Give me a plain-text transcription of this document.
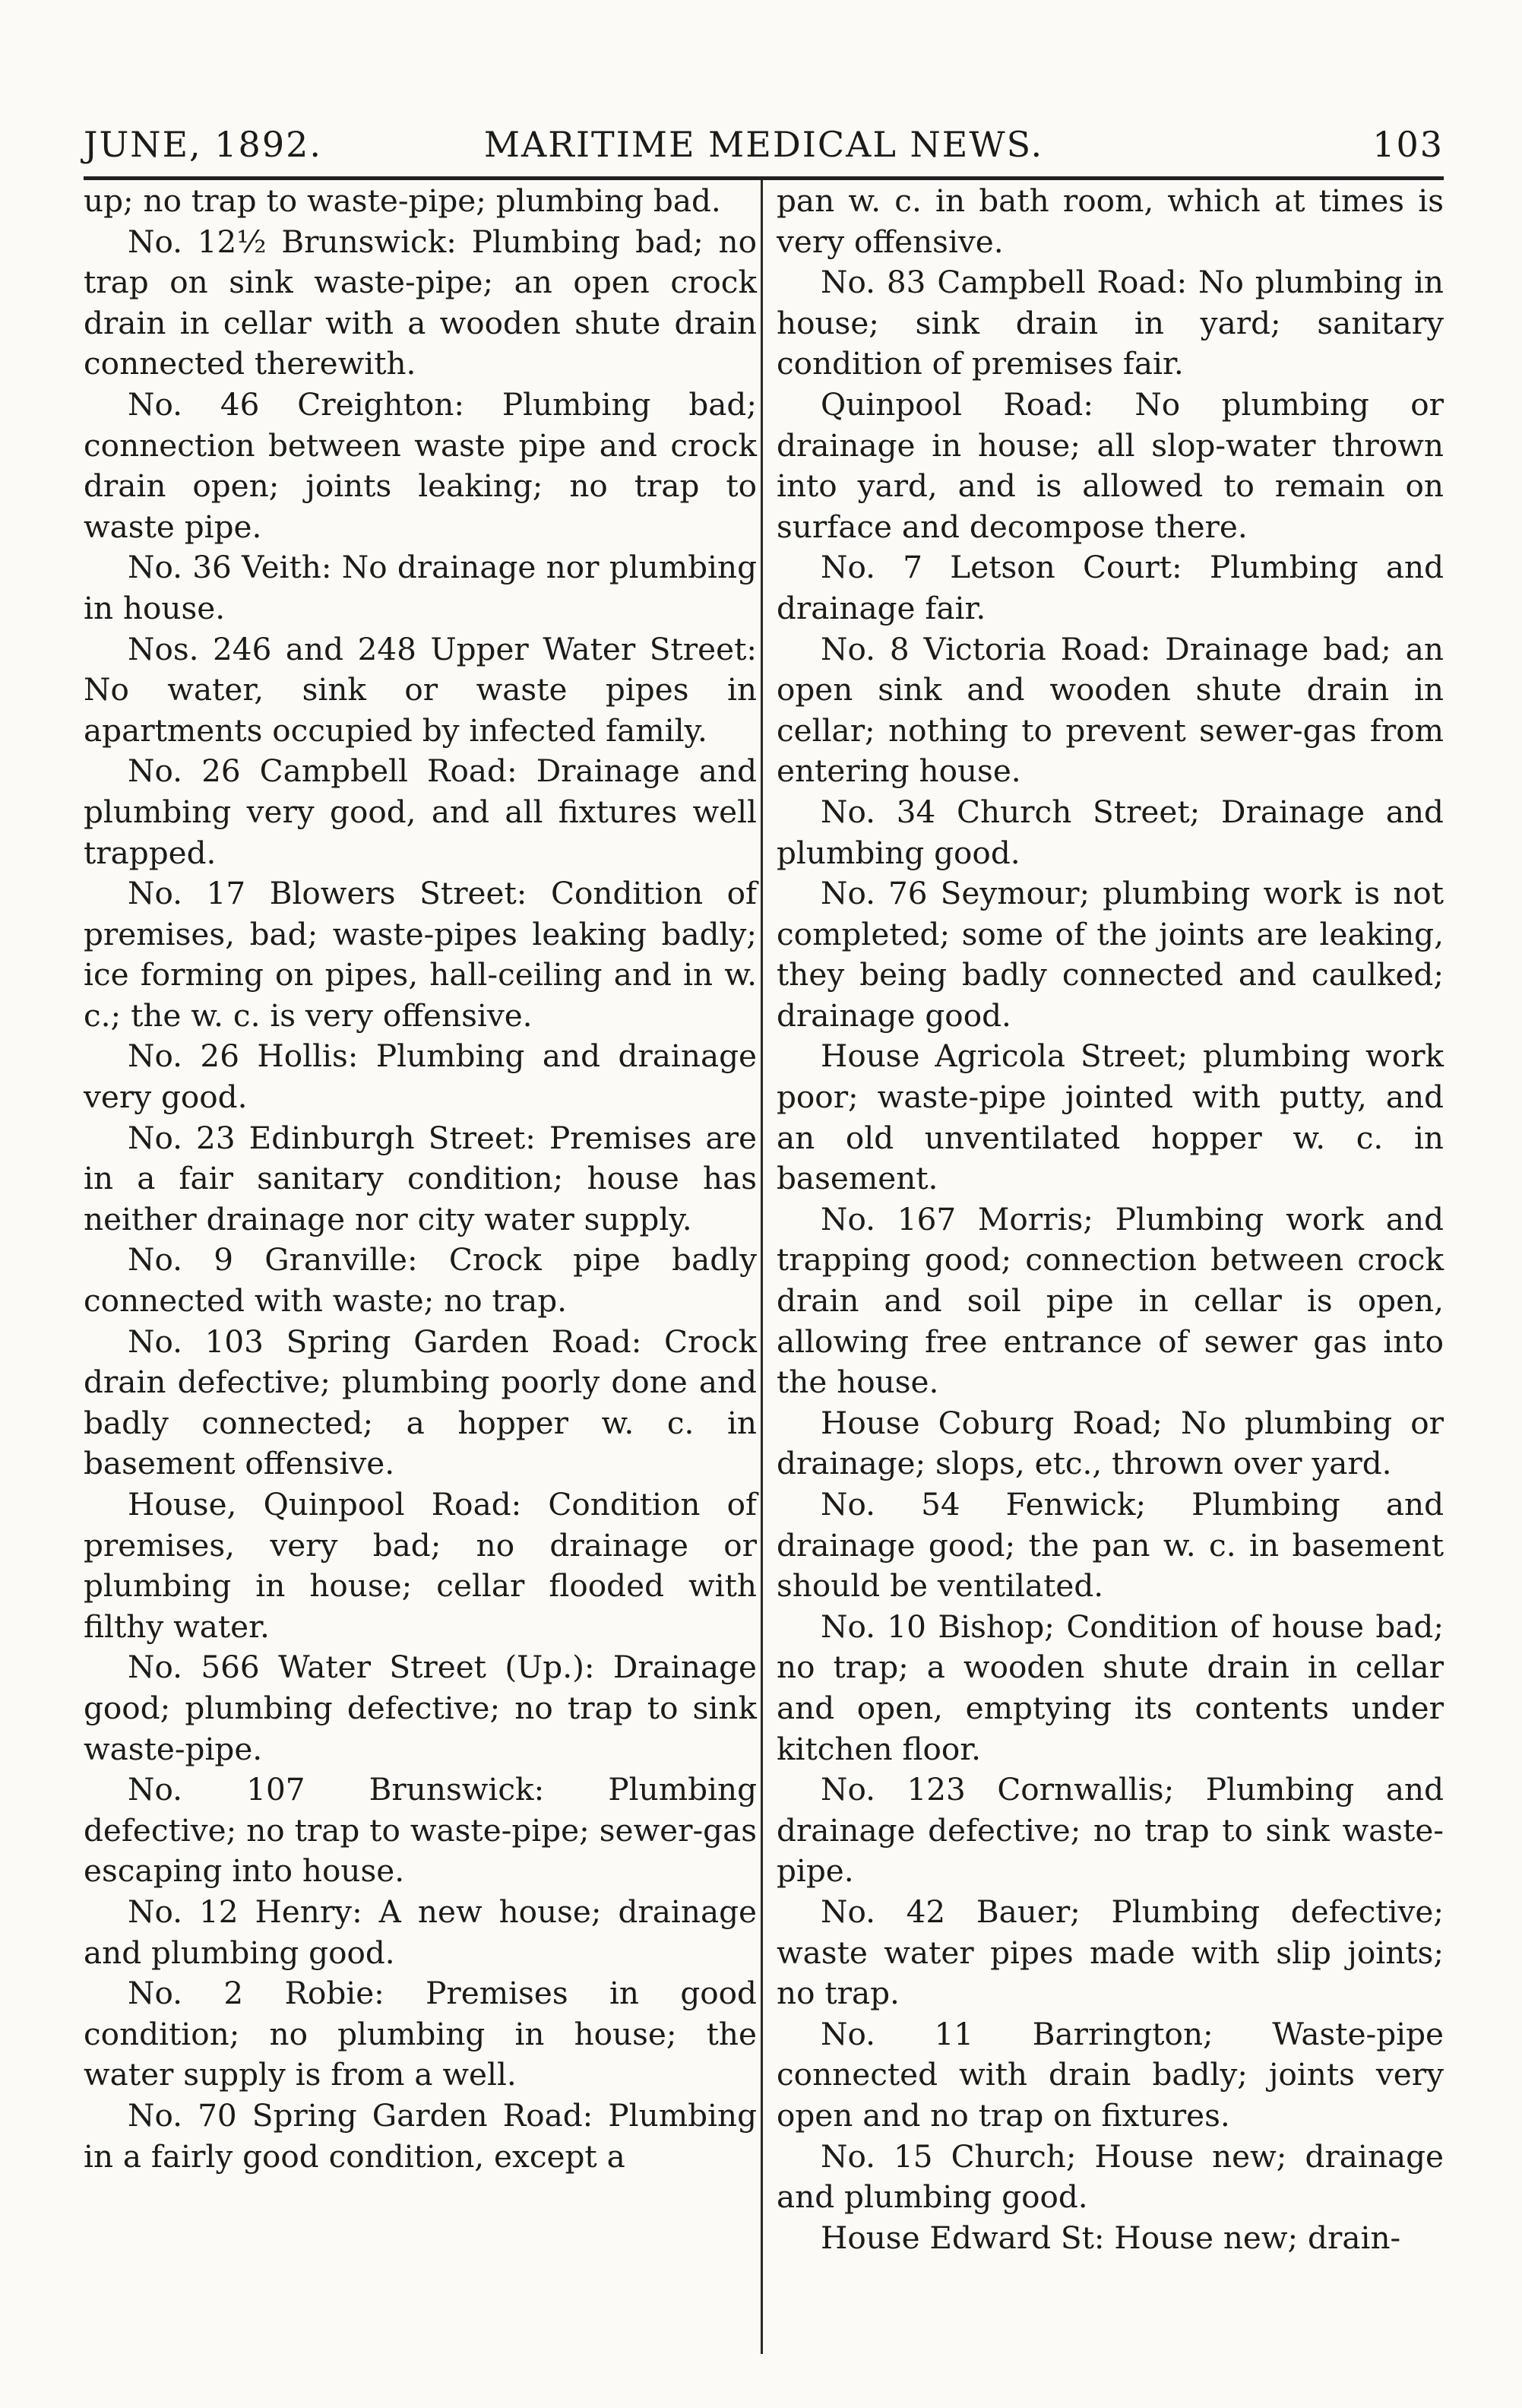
JUNE, 1892.	MARITIME MEDICAL NEWS.	103

up; no trap to waste-pipe; plumbing bad.

No. 12½ Brunswick: Plumbing bad; no trap on sink waste-pipe; an open crock drain in cellar with a wooden shute drain connected therewith.

No. 46 Creighton: Plumbing bad; connection between waste pipe and crock drain open; joints leaking; no trap to waste pipe.

No. 36 Veith: No drainage nor plumbing in house.

Nos. 246 and 248 Upper Water Street: No water, sink or waste pipes in apartments occupied by infected family.

No. 26 Campbell Road: Drainage and plumbing very good, and all fixtures well trapped.

No. 17 Blowers Street: Condition of premises, bad; waste-pipes leaking badly; ice forming on pipes, hall-ceiling and in w. c.; the w. c. is very offensive.

No. 26 Hollis: Plumbing and drainage very good.

No. 23 Edinburgh Street: Premises are in a fair sanitary condition; house has neither drainage nor city water supply.

No. 9 Granville: Crock pipe badly connected with waste; no trap.

No. 103 Spring Garden Road: Crock drain defective; plumbing poorly done and badly connected; a hopper w. c. in basement offensive.

House, Quinpool Road: Condition of premises, very bad; no drainage or plumbing in house; cellar flooded with filthy water.

No. 566 Water Street (Up.): Drainage good; plumbing defective; no trap to sink waste-pipe.

No. 107 Brunswick: Plumbing defective; no trap to waste-pipe; sewer-gas escaping into house.

No. 12 Henry: A new house; drainage and plumbing good.

No. 2 Robie: Premises in good condition; no plumbing in house; the water supply is from a well.

No. 70 Spring Garden Road: Plumbing in a fairly good condition, except a

pan w. c. in bath room, which at times is very offensive.

No. 83 Campbell Road: No plumbing in house; sink drain in yard; sanitary condition of premises fair.

Quinpool Road: No plumbing or drainage in house; all slop-water thrown into yard, and is allowed to remain on surface and decompose there.

No. 7 Letson Court: Plumbing and drainage fair.

No. 8 Victoria Road: Drainage bad; an open sink and wooden shute drain in cellar; nothing to prevent sewer-gas from entering house.

No. 34 Church Street; Drainage and plumbing good.

No. 76 Seymour; plumbing work is not completed; some of the joints are leaking, they being badly connected and caulked; drainage good.

House Agricola Street; plumbing work poor; waste-pipe jointed with putty, and an old unventilated hopper w. c. in basement.

No. 167 Morris; Plumbing work and trapping good; connection between crock drain and soil pipe in cellar is open, allowing free entrance of sewer gas into the house.

House Coburg Road; No plumbing or drainage; slops, etc., thrown over yard.

No. 54 Fenwick; Plumbing and drainage good; the pan w. c. in basement should be ventilated.

No. 10 Bishop; Condition of house bad; no trap; a wooden shute drain in cellar and open, emptying its contents under kitchen floor.

No. 123 Cornwallis; Plumbing and drainage defective; no trap to sink waste-pipe.

No. 42 Bauer; Plumbing defective; waste water pipes made with slip joints; no trap.

No. 11 Barrington; Waste-pipe connected with drain badly; joints very open and no trap on fixtures.

No. 15 Church; House new; drainage and plumbing good.

House Edward St: House new; drain-
